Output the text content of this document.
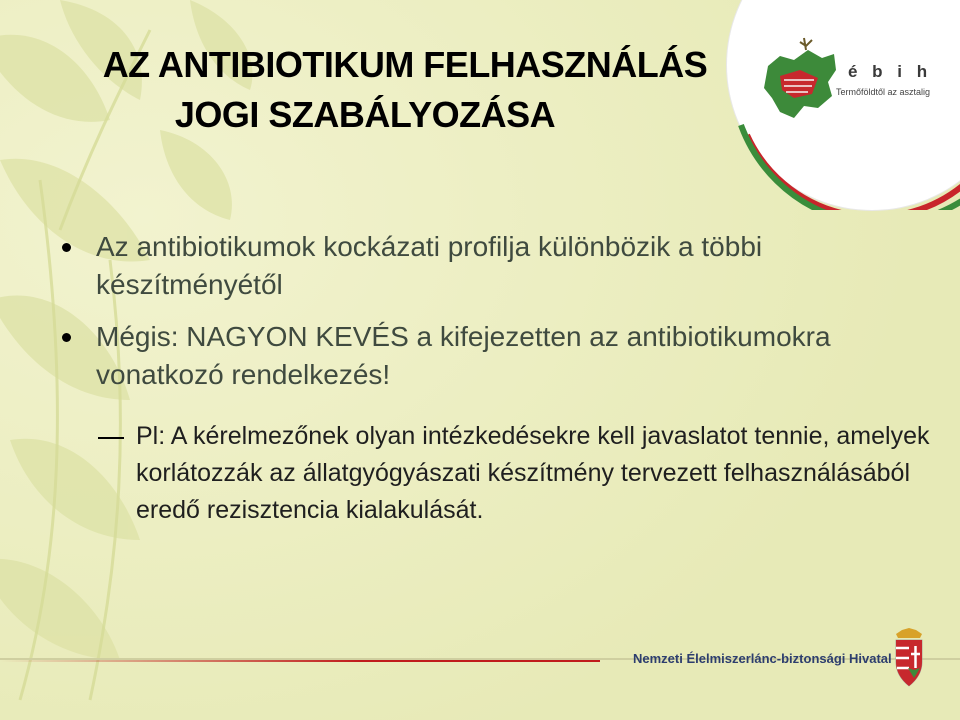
é b i h
Termőföldtől az asztalig
AZ ANTIBIOTIKUM FELHASZNÁLÁS
JOGI SZABÁLYOZÁSA
Az antibiotikumok kockázati profilja különbözik a többi készítményétől
Mégis: NAGYON KEVÉS a kifejezetten az antibiotikumokra vonatkozó rendelkezés!
Pl: A kérelmezőnek olyan intézkedésekre kell javaslatot tennie, amelyek korlátozzák az állatgyógyászati készítmény tervezett felhasználásából eredő rezisztencia kialakulását.
Nemzeti Élelmiszerlánc-biztonsági Hivatal
